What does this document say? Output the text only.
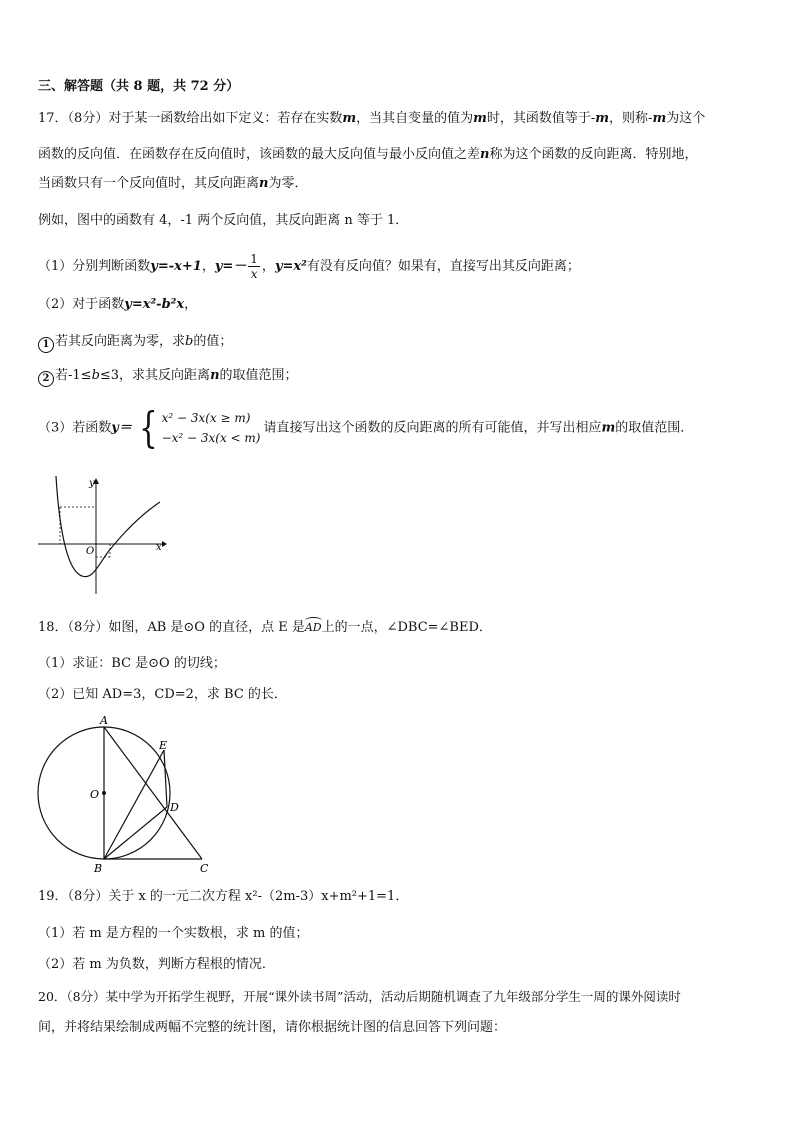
三、解答题（共 8 题，共 72 分）
17．（8分）对于某一函数给出如下定义：若存在实数m，当其自变量的值为m时，其函数值等于-m，则称-m为这个
函数的反向值．在函数存在反向值时，该函数的最大反向值与最小反向值之差n称为这个函数的反向距离．特别地，
当函数只有一个反向值时，其反向距离n为零．
例如，图中的函数有 4，-1 两个反向值，其反向距离 n 等于 1．
（1）分别判断函数y=-x+1，$y=- \frac{1}{x}$ ，y=x²有没有反向值？如果有，直接写出其反向距离；
（2）对于函数y=x²-b²x，
1 若其反向距离为零，求b的值；
2 若-1≤b≤3，求其反向距离n的取值范围；
（3）若函数y＝ { x² − 3x(x ≥ m)
−x² − 3x(x < m)
请直接写出这个函数的反向距离的所有可能值，并写出相应m的取值范围．
x
y
O
18．（8分）如图，AB 是⊙O 的直径，点 E 是AD上的一点，∠DBC=∠BED．
（1）求证：BC 是⊙O 的切线；
（2）已知 AD=3，CD=2，求 BC 的长．
A
E
O
D
B	C
19．（8分）关于 x 的一元二次方程 x²-（2m-3）x+m²+1=1．
（1）若 m 是方程的一个实数根，求 m 的值；
（2）若 m 为负数，判断方程根的情况．
20．（8分）某中学为开拓学生视野，开展“课外读书周”活动，活动后期随机调查了九年级部分学生一周的课外阅读时
间，并将结果绘制成两幅不完整的统计图，请你根据统计图的信息回答下列问题：
